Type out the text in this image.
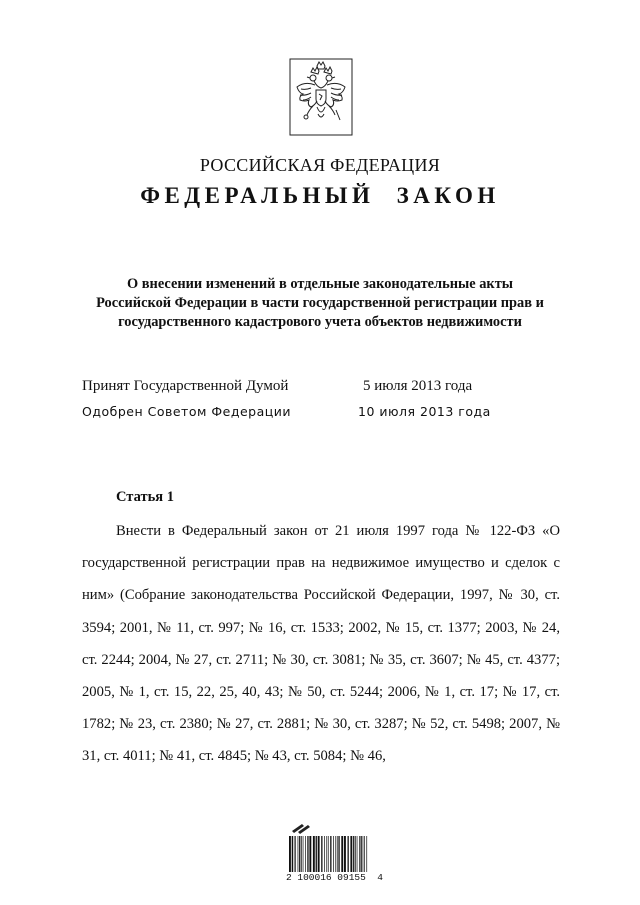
РОССИЙСКАЯ ФЕДЕРАЦИЯ
ФЕДЕРАЛЬНЫЙ ЗАКОН
О внесении изменений в отдельные законодательные акты
Российской Федерации в части государственной регистрации прав и
государственного кадастрового учета объектов недвижимости
Принят Государственной Думой	5 июля 2013 года
Одобрен Советом Федерации	10 июля 2013 года
Статья 1

Внести в Федеральный закон от 21 июля 1997 года № 122-ФЗ «О государственной регистрации прав на недвижимое имущество и сделок с ним» (Собрание законодательства Российской Федерации, 1997, № 30, ст. 3594; 2001, № 11, ст. 997; № 16, ст. 1533; 2002, № 15, ст. 1377; 2003, № 24, ст. 2244; 2004, № 27, ст. 2711; № 30, ст. 3081; № 35, ст. 3607; № 45, ст. 4377; 2005, № 1, ст. 15, 22, 25, 40, 43; № 50, ст. 5244; 2006, № 1, ст. 17; № 17, ст. 1782; № 23, ст. 2380; № 27, ст. 2881; № 30, ст. 3287; № 52, ст. 5498; 2007, № 31, ст. 4011; № 41, ст. 4845; № 43, ст. 5084; № 46,

2 100016 09155  4
